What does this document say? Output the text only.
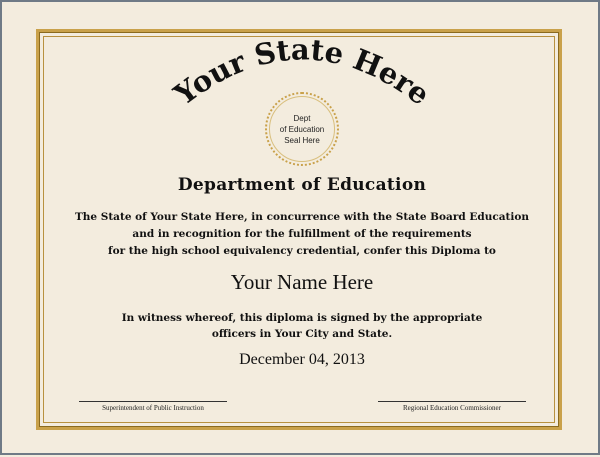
Your State Here
Dept
of Education
Seal Here
Department of Education
The State of Your State Here, in concurrence with the State Board Education
and in recognition for the fulfillment of the requirements
for the high school equivalency credential, confer this Diploma to
Your Name Here
In witness whereof, this diploma is signed by the appropriate
officers in Your City and State.
December 04, 2013
Superintendent of Public Instruction	Regional Education Commissioner
